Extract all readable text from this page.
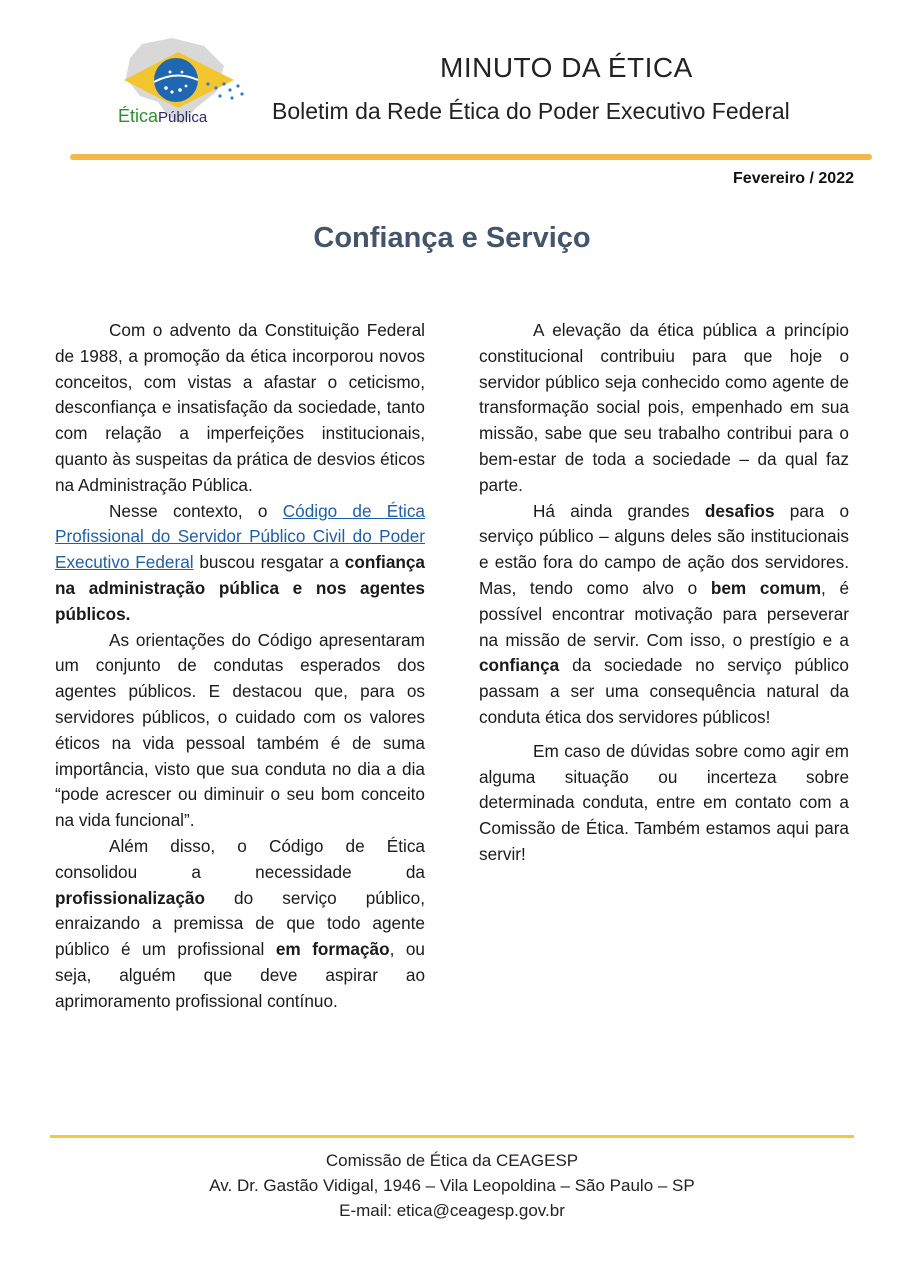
ÉticaPública
MINUTO DA ÉTICA
Boletim da Rede Ética do Poder Executivo Federal
Fevereiro / 2022
Confiança e Serviço

Com o advento da Constituição Federal de 1988, a promoção da ética incorporou novos conceitos, com vistas a afastar o ceticismo, desconfiança e insatisfação da sociedade, tanto com relação a imperfeições institucionais, quanto às suspeitas da prática de desvios éticos na Administração Pública.

Nesse contexto, o Código de Ética Profissional do Servidor Público Civil do Poder Executivo Federal buscou resgatar a confiança na administração pública e nos agentes públicos.

As orientações do Código apresentaram um conjunto de condutas esperados dos agentes públicos. E destacou que, para os servidores públicos, o cuidado com os valores éticos na vida pessoal também é de suma importância, visto que sua conduta no dia a dia “pode acrescer ou diminuir o seu bom conceito na vida funcional”.

Além disso, o Código de Ética consolidou a necessidade da profissionalização do serviço público, enraizando a premissa de que todo agente público é um profissional em formação, ou seja, alguém que deve aspirar ao aprimoramento profissional contínuo.

A elevação da ética pública a princípio constitucional contribuiu para que hoje o servidor público seja conhecido como agente de transformação social pois, empenhado em sua missão, sabe que seu trabalho contribui para o bem-estar de toda a sociedade – da qual faz parte.

Há ainda grandes desafios para o serviço público – alguns deles são institucionais e estão fora do campo de ação dos servidores. Mas, tendo como alvo o bem comum, é possível encontrar motivação para perseverar na missão de servir. Com isso, o prestígio e a confiança da sociedade no serviço público passam a ser uma consequência natural da conduta ética dos servidores públicos!

Em caso de dúvidas sobre como agir em alguma situação ou incerteza sobre determinada conduta, entre em contato com a Comissão de Ética. Também estamos aqui para servir!

Comissão de Ética da CEAGESP
Av. Dr. Gastão Vidigal, 1946 – Vila Leopoldina – São Paulo – SP
E-mail: etica@ceagesp.gov.br
